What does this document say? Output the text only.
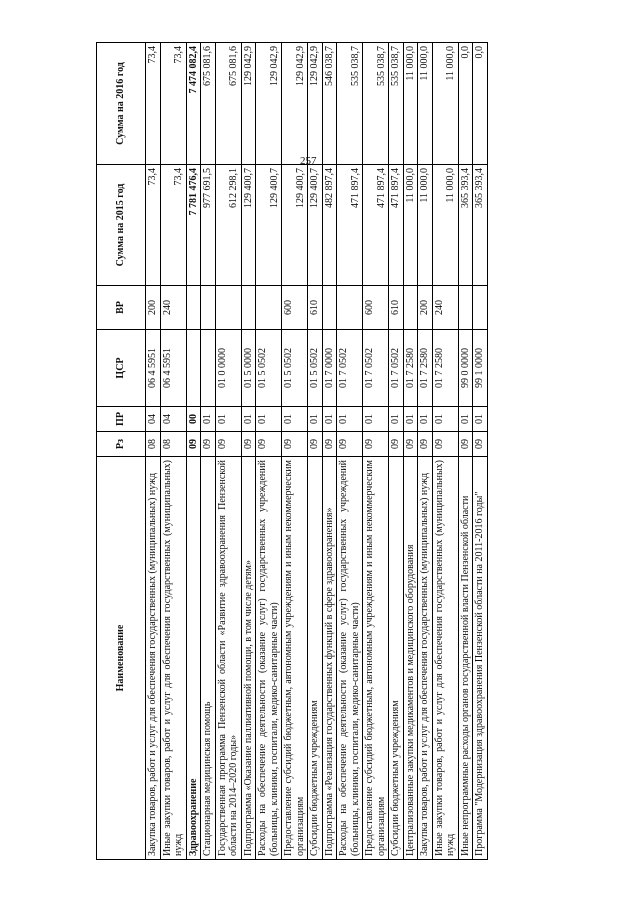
257
Наименование	Рз	ПР	ЦСР	ВР	Сумма на 2015 год	Сумма на 2016 год
Закупка товаров, работ и услуг для обеспечения государственных (муниципальных) нужд	08	04	06 4 5951	200	73,4	73,4
Иные закупки товаров, работ и услуг для обеспечения государственных (муниципальных) нужд	08	04	06 4 5951	240	73,4	73,4
Здравоохранение	09	00			7 781 476,4	7 474 082,4
Стационарная медицинская помощь	09	01			977 691,5	675 081,6
Государственная программа Пензенской области «Развитие здравоохранения Пензенской области на 2014–2020 годы»	09	01	01 0 0000		612 298,1	675 081,6
Подпрограмма «Оказание паллиативной помощи, в том числе детям»	09	01	01 5 0000		129 400,7	129 042,9
Расходы на обеспечение деятельности (оказание услуг) государственных учреждений (больницы, клиники, госпитали, медико-санитарные части)	09	01	01 5 0502		129 400,7	129 042,9
Предоставление субсидий бюджетным, автономным учреждениям и иным некоммерческим организациям	09	01	01 5 0502	600	129 400,7	129 042,9
Субсидии бюджетным учреждениям	09	01	01 5 0502	610	129 400,7	129 042,9
Подпрограмма «Реализация государственных функций в сфере здравоохранения»	09	01	01 7 0000		482 897,4	546 038,7
Расходы на обеспечение деятельности (оказание услуг) государственных учреждений (больницы, клиники, госпитали, медико-санитарные части)	09	01	01 7 0502		471 897,4	535 038,7
Предоставление субсидий бюджетным, автономным учреждениям и иным некоммерческим организациям	09	01	01 7 0502	600	471 897,4	535 038,7
Субсидии бюджетным учреждениям	09	01	01 7 0502	610	471 897,4	535 038,7
Централизованные закупки медикаментов и медицинского оборудования	09	01	01 7 2580		11 000,0	11 000,0
Закупка товаров, работ и услуг для обеспечения государственных (муниципальных) нужд	09	01	01 7 2580	200	11 000,0	11 000,0
Иные закупки товаров, работ и услуг для обеспечения государственных (муниципальных) нужд	09	01	01 7 2580	240	11 000,0	11 000,0
Иные непрограммные расходы органов государственной власти Пензенской области	09	01	99 0 0000		365 393,4	0,0
Программа "Модернизация здравоохранения Пензенской области на 2011-2016 годы"	09	01	99 1 0000		365 393,4	0,0
